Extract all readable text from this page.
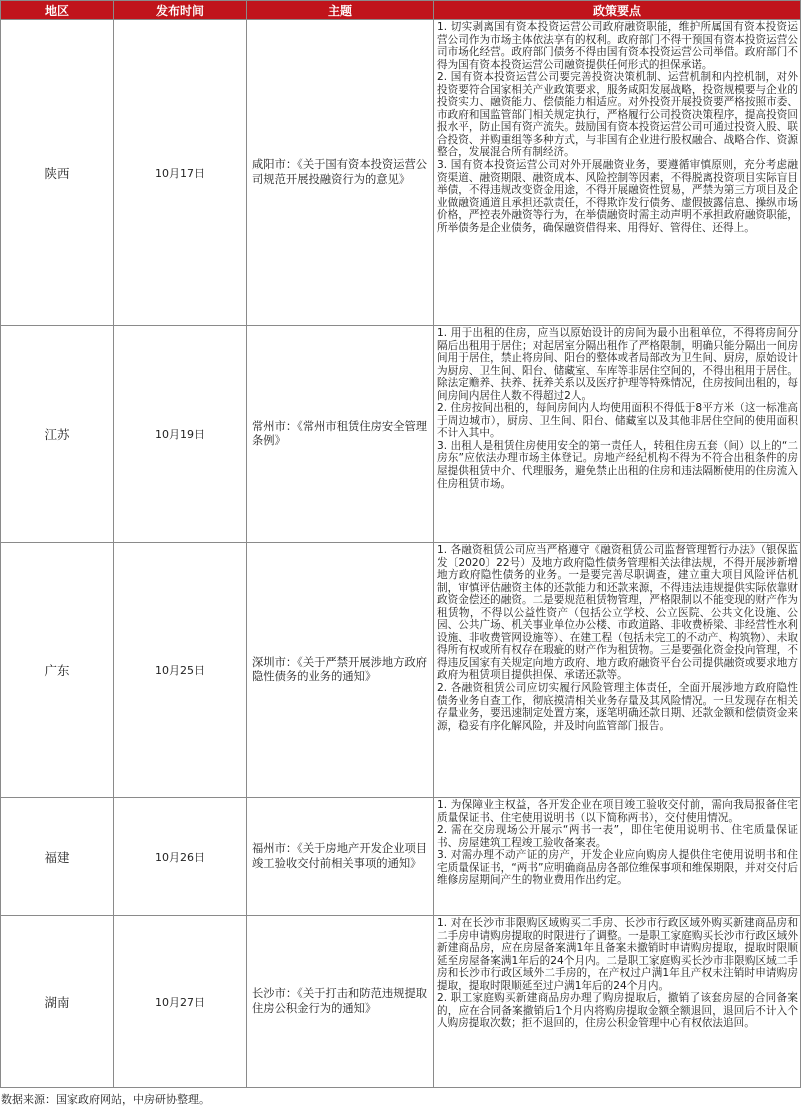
地区	发布时间	主题	政策要点
陕西	10月17日	咸阳市：《关于国有资本投资运营公司规范开展投融资行为的意见》	1. 切实剥离国有资本投资运营公司政府融资职能，维护所属国有资本投资运营公司作为市场主体依法享有的权利。政府部门不得干预国有资本投资运营公司市场化经营。政府部门债务不得由国有资本投资运营公司举借。政府部门不得为国有资本投资运营公司融资提供任何形式的担保承诺。

2. 国有资本投资运营公司要完善投资决策机制、运营机制和内控机制，对外投资要符合国家相关产业政策要求，服务咸阳发展战略，投资规模要与企业的投资实力、融资能力、偿债能力相适应。对外投资开展投资要严格按照市委、市政府和国监管部门相关规定执行，严格履行公司投资决策程序，提高投资回报水平，防止国有资产流失。鼓励国有资本投资运营公司可通过投资入股、联合投资、并购重组等多种方式，与非国有企业进行股权融合、战略合作、资源整合，发展混合所有制经济。

3. 国有资本投资运营公司对外开展融资业务，要遵循审慎原则，充分考虑融资渠道、融资期限、融资成本、风险控制等因素，不得脱离投资项目实际盲目举债，不得违规改变资金用途，不得开展融资性贸易，严禁为第三方项目及企业做融资通道且承担还款责任，不得欺诈发行债务、虚假披露信息、操纵市场价格，严控表外融资等行为，在举债融资时需主动声明不承担政府融资职能，所举债务是企业债务，确保融资借得来、用得好、管得住、还得上。

江苏	10月19日	常州市：《常州市租赁住房安全管理条例》	1. 用于出租的住房，应当以原始设计的房间为最小出租单位，不得将房间分隔后出租用于居住；对起居室分隔出租作了严格限制，明确只能分隔出一间房间用于居住，禁止将房间、阳台的整体或者局部改为卫生间、厨房，原始设计为厨房、卫生间、阳台、储藏室、车库等非居住空间的，不得出租用于居住。除法定赡养、扶养、抚养关系以及医疗护理等特殊情况，住房按间出租的，每间房间内居住人数不得超过2人。

2. 住房按间出租的，每间房间内人均使用面积不得低于8平方米（这一标准高于周边城市），厨房、卫生间、阳台、储藏室以及其他非居住空间的使用面积不计入其中。

3. 出租人是租赁住房使用安全的第一责任人，转租住房五套（间）以上的“二房东”应依法办理市场主体登记。房地产经纪机构不得为不符合出租条件的房屋提供租赁中介、代理服务，避免禁止出租的住房和违法隔断使用的住房流入住房租赁市场。

广东	10月25日	深圳市：《关于严禁开展涉地方政府隐性债务的业务的通知》	1. 各融资租赁公司应当严格遵守《融资租赁公司监督管理暂行办法》（银保监发〔2020〕22号）及地方政府隐性债务管理相关法律法规，不得开展涉新增地方政府隐性债务的业务。一是要完善尽职调查，建立重大项目风险评估机制，审慎评估融资主体的还款能力和还款来源，不得违法违规提供实际依靠财政资金偿还的融资。二是要规范租赁物管理，严格限制以不能变现的财产作为租赁物，不得以公益性资产（包括公立学校、公立医院、公共文化设施、公园、公共广场、机关事业单位办公楼、市政道路、非收费桥梁、非经营性水利设施、非收费管网设施等）、在建工程（包括未完工的不动产、构筑物）、未取得所有权或所有权存在瑕疵的财产作为租赁物。三是要强化资金投向管理，不得违反国家有关规定向地方政府、地方政府融资平台公司提供融资或要求地方政府为租赁项目提供担保、承诺还款等。

2. 各融资租赁公司应切实履行风险管理主体责任，全面开展涉地方政府隐性债务业务自查工作，彻底摸清相关业务存量及其风险情况。一旦发现存在相关存量业务，要迅速制定处置方案，逐笔明确还款日期、还款金额和偿债资金来源，稳妥有序化解风险，并及时向监管部门报告。

福建	10月26日	福州市：《关于房地产开发企业项目竣工验收交付前相关事项的通知》	1. 为保障业主权益，各开发企业在项目竣工验收交付前，需向我局报备住宅质量保证书、住宅使用说明书（以下简称两书），交付使用情况。

2. 需在交房现场公开展示“两书一表”，即住宅使用说明书、住宅质量保证书、房屋建筑工程竣工验收备案表。

3. 对需办理不动产证的房产，开发企业应向购房人提供住宅使用说明书和住宅质量保证书，“两书”应明确商品房各部位维保事项和维保期限，并对交付后维修房屋期间产生的物业费用作出约定。

湖南	10月27日	长沙市：《关于打击和防范违规提取住房公积金行为的通知》	1. 对在长沙市非限购区域购买二手房、长沙市行政区域外购买新建商品房和二手房申请购房提取的时限进行了调整。一是职工家庭购买长沙市行政区域外新建商品房，应在房屋备案满1年且备案未撤销时申请购房提取，提取时限顺延至房屋备案满1年后的24个月内。二是职工家庭购买长沙市非限购区域二手房和长沙市行政区域外二手房的，在产权过户满1年且产权未注销时申请购房提取，提取时限顺延至过户满1年后的24个月内。

2. 职工家庭购买新建商品房办理了购房提取后，撤销了该套房屋的合同备案的，应在合同备案撤销后1个月内将购房提取金额全额退回，退回后不计入个人购房提取次数；拒不退回的，住房公积金管理中心有权依法追回。

数据来源：国家政府网站，中房研协整理。
